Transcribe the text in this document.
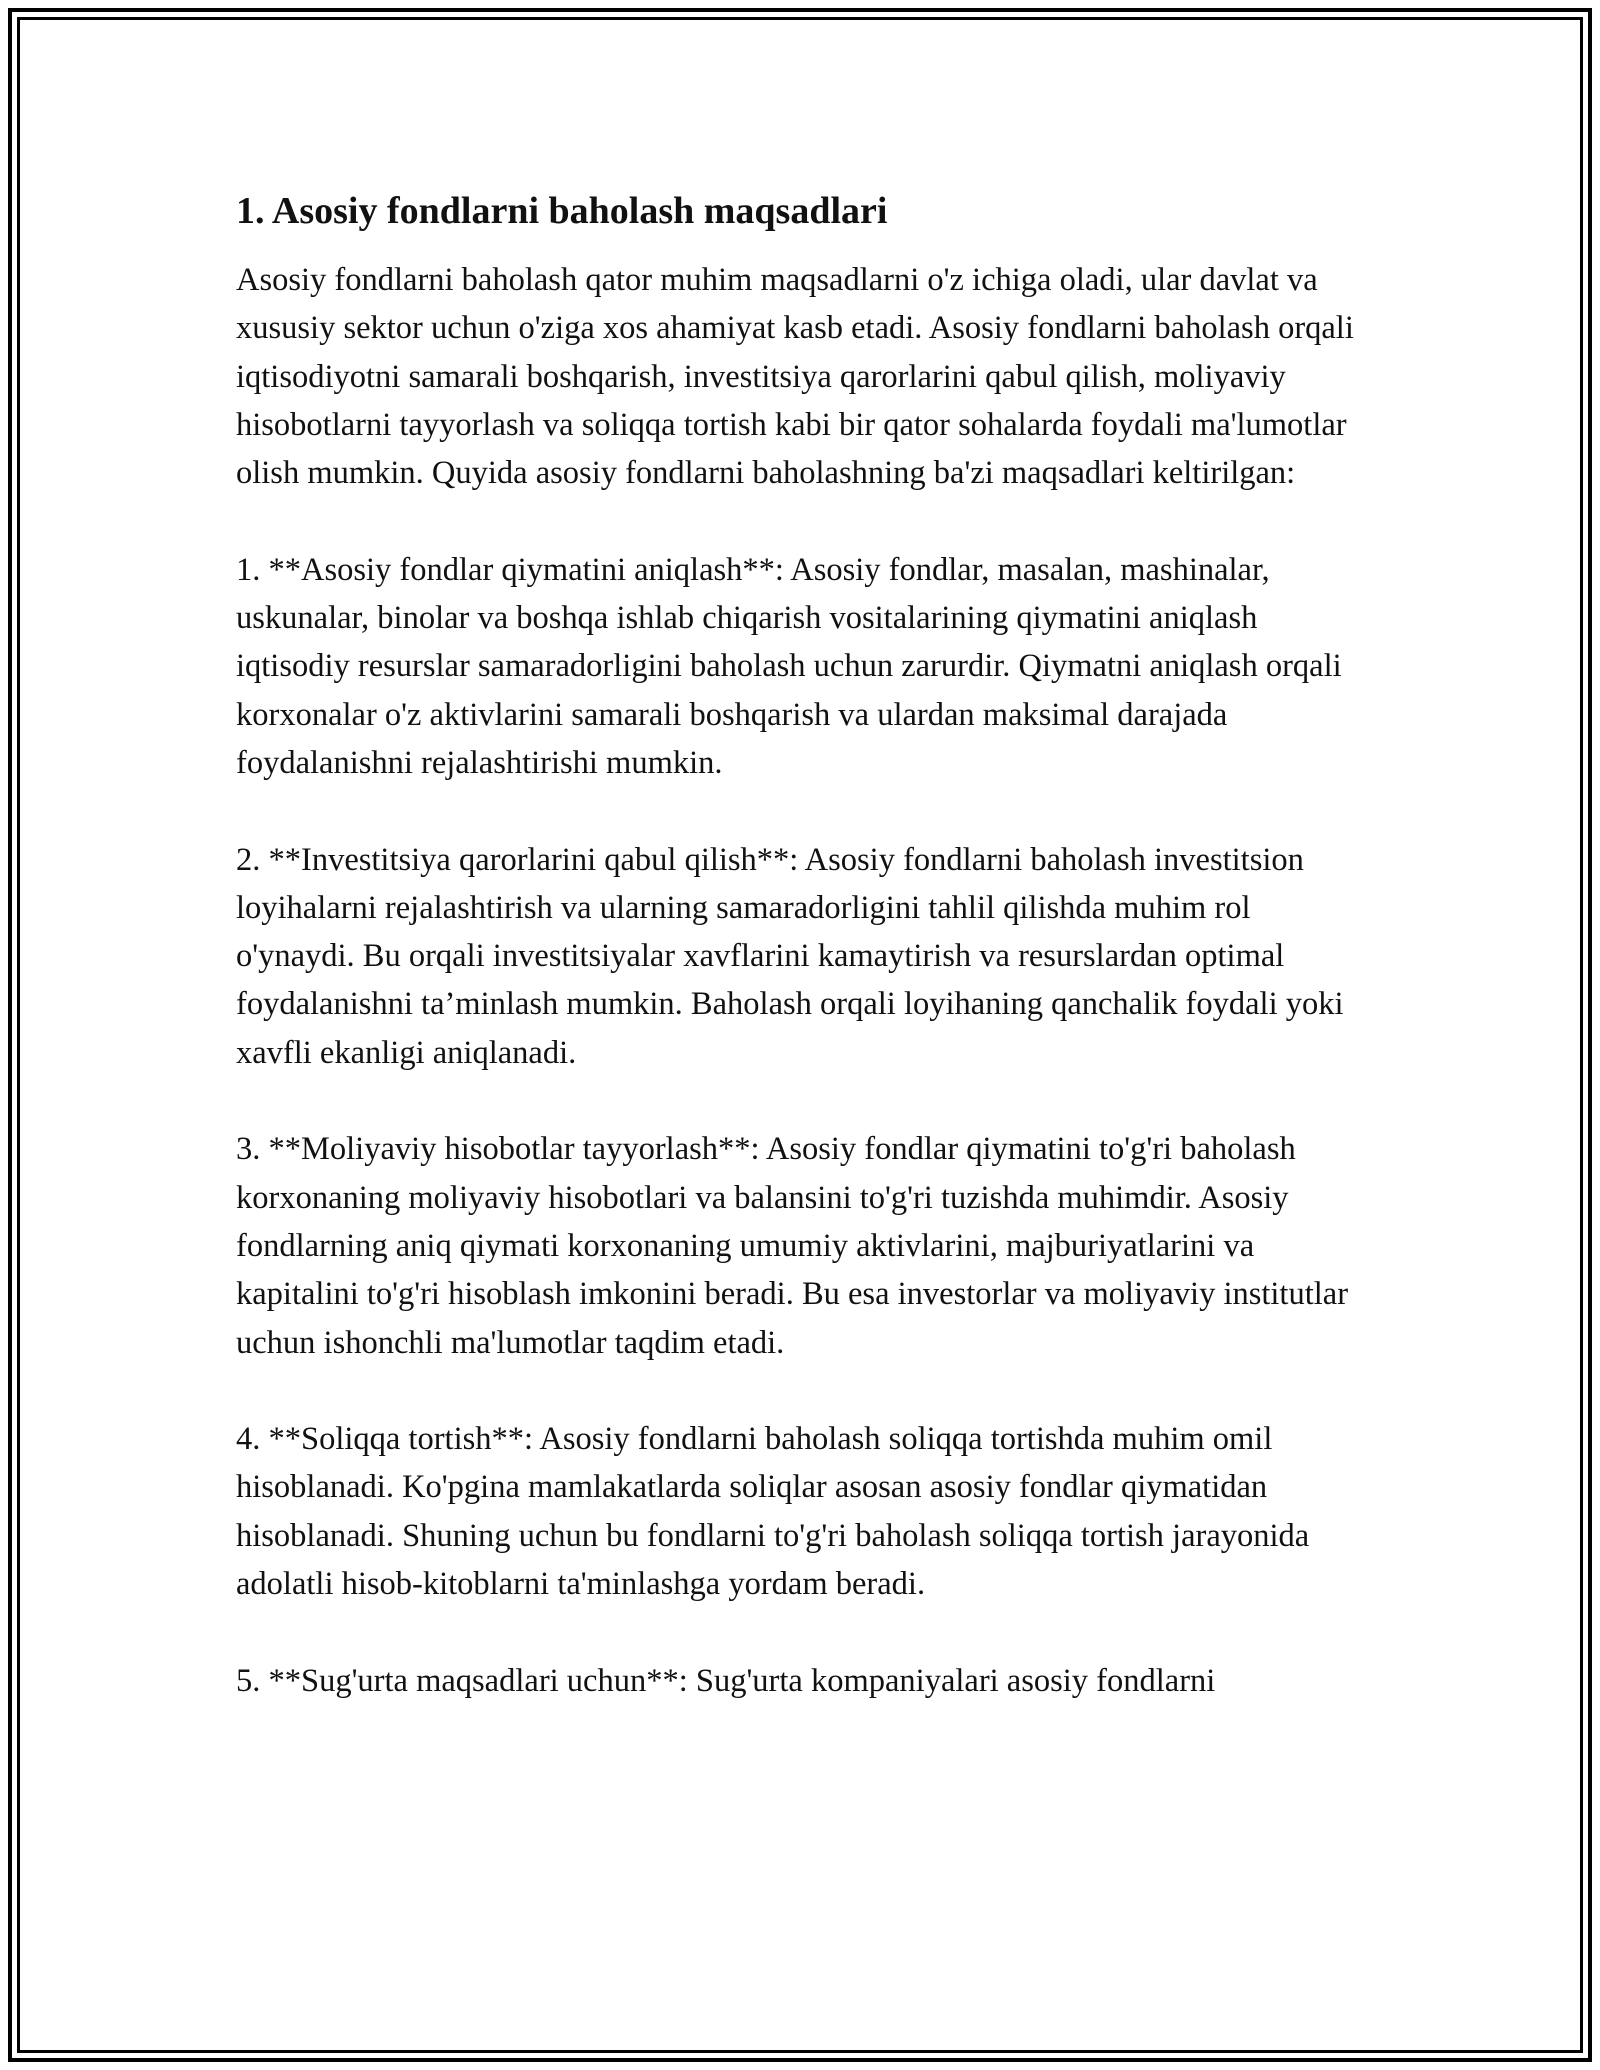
1. Asosiy fondlarni baholash maqsadlari

Asosiy fondlarni baholash qator muhim maqsadlarni o'z ichiga oladi, ular davlat va xususiy sektor uchun o'ziga xos ahamiyat kasb etadi. Asosiy fondlarni baholash orqali iqtisodiyotni samarali boshqarish, investitsiya qarorlarini qabul qilish, moliyaviy hisobotlarni tayyorlash va soliqqa tortish kabi bir qator sohalarda foydali ma'lumotlar olish mumkin. Quyida asosiy fondlarni baholashning ba'zi maqsadlari keltirilgan:

1. **Asosiy fondlar qiymatini aniqlash**: Asosiy fondlar, masalan, mashinalar, uskunalar, binolar va boshqa ishlab chiqarish vositalarining qiymatini aniqlash iqtisodiy resurslar samaradorligini baholash uchun zarurdir. Qiymatni aniqlash orqali korxonalar o'z aktivlarini samarali boshqarish va ulardan maksimal darajada foydalanishni rejalashtirishi mumkin.

2. **Investitsiya qarorlarini qabul qilish**: Asosiy fondlarni baholash investitsion loyihalarni rejalashtirish va ularning samaradorligini tahlil qilishda muhim rol o'ynaydi. Bu orqali investitsiyalar xavflarini kamaytirish va resurslardan optimal foydalanishni ta’minlash mumkin. Baholash orqali loyihaning qanchalik foydali yoki xavfli ekanligi aniqlanadi.

3. **Moliyaviy hisobotlar tayyorlash**: Asosiy fondlar qiymatini to'g'ri baholash korxonaning moliyaviy hisobotlari va balansini to'g'ri tuzishda muhimdir. Asosiy fondlarning aniq qiymati korxonaning umumiy aktivlarini, majburiyatlarini va kapitalini to'g'ri hisoblash imkonini beradi. Bu esa investorlar va moliyaviy institutlar uchun ishonchli ma'lumotlar taqdim etadi.

4. **Soliqqa tortish**: Asosiy fondlarni baholash soliqqa tortishda muhim omil hisoblanadi. Ko'pgina mamlakatlarda soliqlar asosan asosiy fondlar qiymatidan hisoblanadi. Shuning uchun bu fondlarni to'g'ri baholash soliqqa tortish jarayonida adolatli hisob-kitoblarni ta'minlashga yordam beradi.

5. **Sug'urta maqsadlari uchun**: Sug'urta kompaniyalari asosiy fondlarni
